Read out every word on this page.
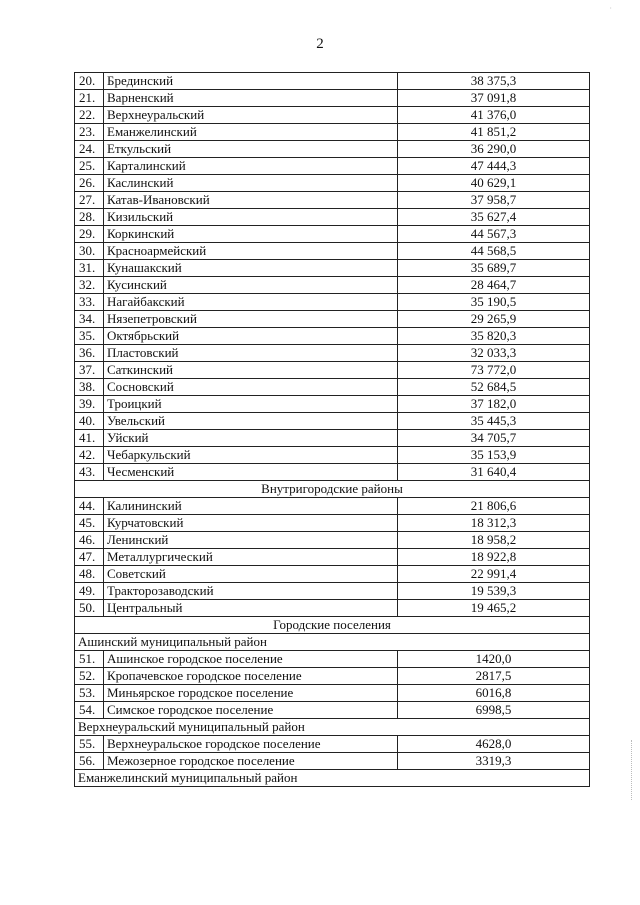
·
2
20.	Брединский	38 375,3
21.	Варненский	37 091,8
22.	Верхнеуральский	41 376,0
23.	Еманжелинский	41 851,2
24.	Еткульский	36 290,0
25.	Карталинский	47 444,3
26.	Каслинский	40 629,1
27.	Катав-Ивановский	37 958,7
28.	Кизильский	35 627,4
29.	Коркинский	44 567,3
30.	Красноармейский	44 568,5
31.	Кунашакский	35 689,7
32.	Кусинский	28 464,7
33.	Нагайбакский	35 190,5
34.	Нязепетровский	29 265,9
35.	Октябрьский	35 820,3
36.	Пластовский	32 033,3
37.	Саткинский	73 772,0
38.	Сосновский	52 684,5
39.	Троицкий	37 182,0
40.	Увельский	35 445,3
41.	Уйский	34 705,7
42.	Чебаркульский	35 153,9
43.	Чесменский	31 640,4
Внутригородские районы		
44.	Калининский	21 806,6
45.	Курчатовский	18 312,3
46.	Ленинский	18 958,2
47.	Металлургический	18 922,8
48.	Советский	22 991,4
49.	Тракторозаводский	19 539,3
50.	Центральный	19 465,2
Городские поселения		
Ашинский муниципальный район		
51.	Ашинское городское поселение	1420,0
52.	Кропачевское городское поселение	2817,5
53.	Миньярское городское поселение	6016,8
54.	Симское городское поселение	6998,5
Верхнеуральский муниципальный район		
55.	Верхнеуральское городское поселение	4628,0
56.	Межозерное городское поселение	3319,3
Еманжелинский муниципальный район		
